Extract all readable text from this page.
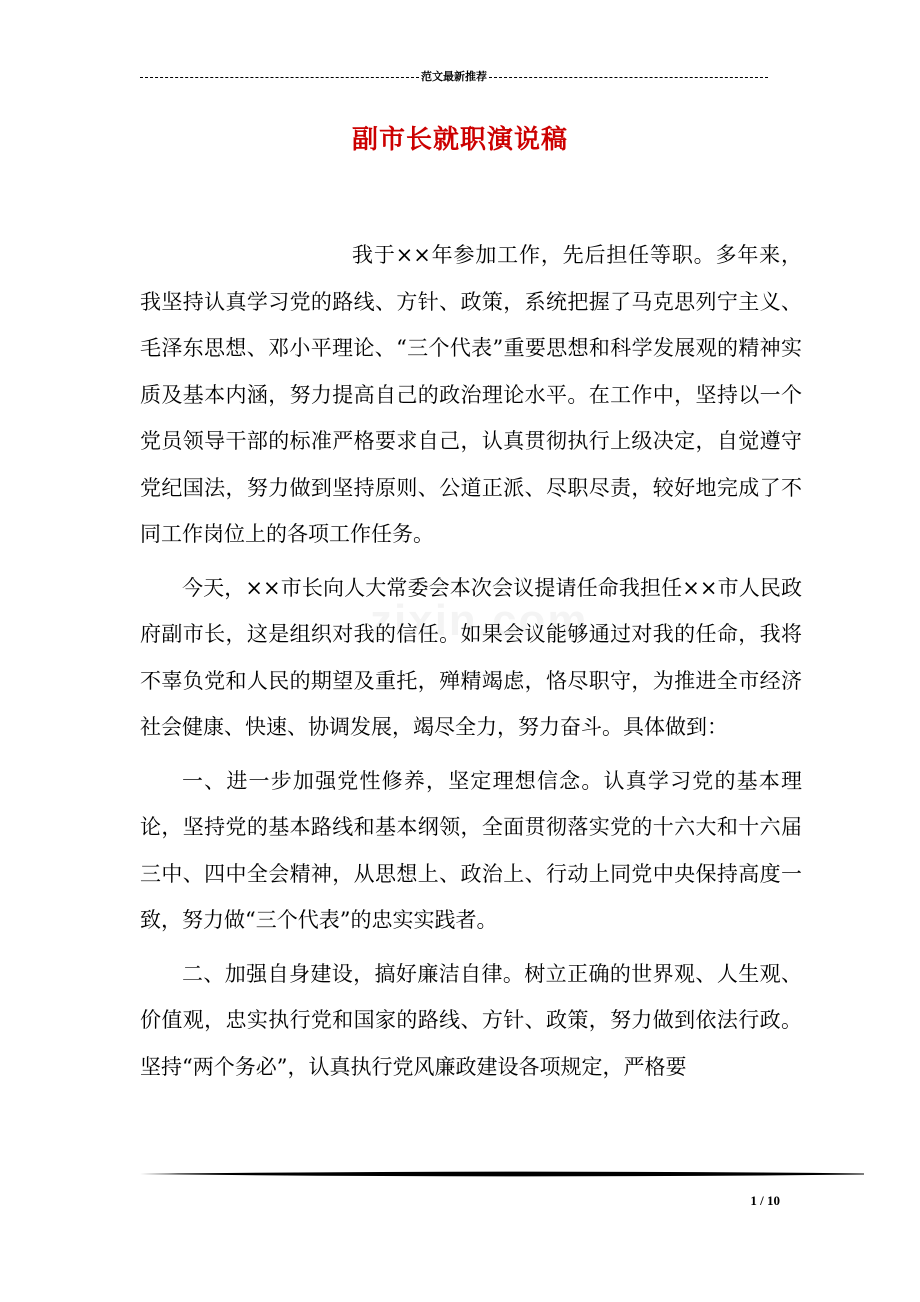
范文最新推荐
副市长就职演说稿

我于××年参加工作，先后担任等职。多年来，我坚持认真学习党的路线、方针、政策，系统把握了马克思列宁主义、毛泽东思想、邓小平理论、“三个代表”重要思想和科学发展观的精神实质及基本内涵，努力提高自己的政治理论水平。在工作中，坚持以一个党员领导干部的标准严格要求自己，认真贯彻执行上级决定，自觉遵守党纪国法，努力做到坚持原则、公道正派、尽职尽责，较好地完成了不同工作岗位上的各项工作任务。

今天，××市长向人大常委会本次会议提请任命我担任××市人民政府副市长，这是组织对我的信任。如果会议能够通过对我的任命，我将不辜负党和人民的期望及重托，殚精竭虑，恪尽职守，为推进全市经济社会健康、快速、协调发展，竭尽全力，努力奋斗。具体做到：

一、进一步加强党性修养，坚定理想信念。认真学习党的基本理论，坚持党的基本路线和基本纲领，全面贯彻落实党的十六大和十六届三中、四中全会精神，从思想上、政治上、行动上同党中央保持高度一致，努力做“三个代表”的忠实实践者。

二、加强自身建设，搞好廉洁自律。树立正确的世界观、人生观、价值观，忠实执行党和国家的路线、方针、政策，努力做到依法行政。坚持“两个务必”，认真执行党风廉政建设各项规定，严格要

1 / 10
